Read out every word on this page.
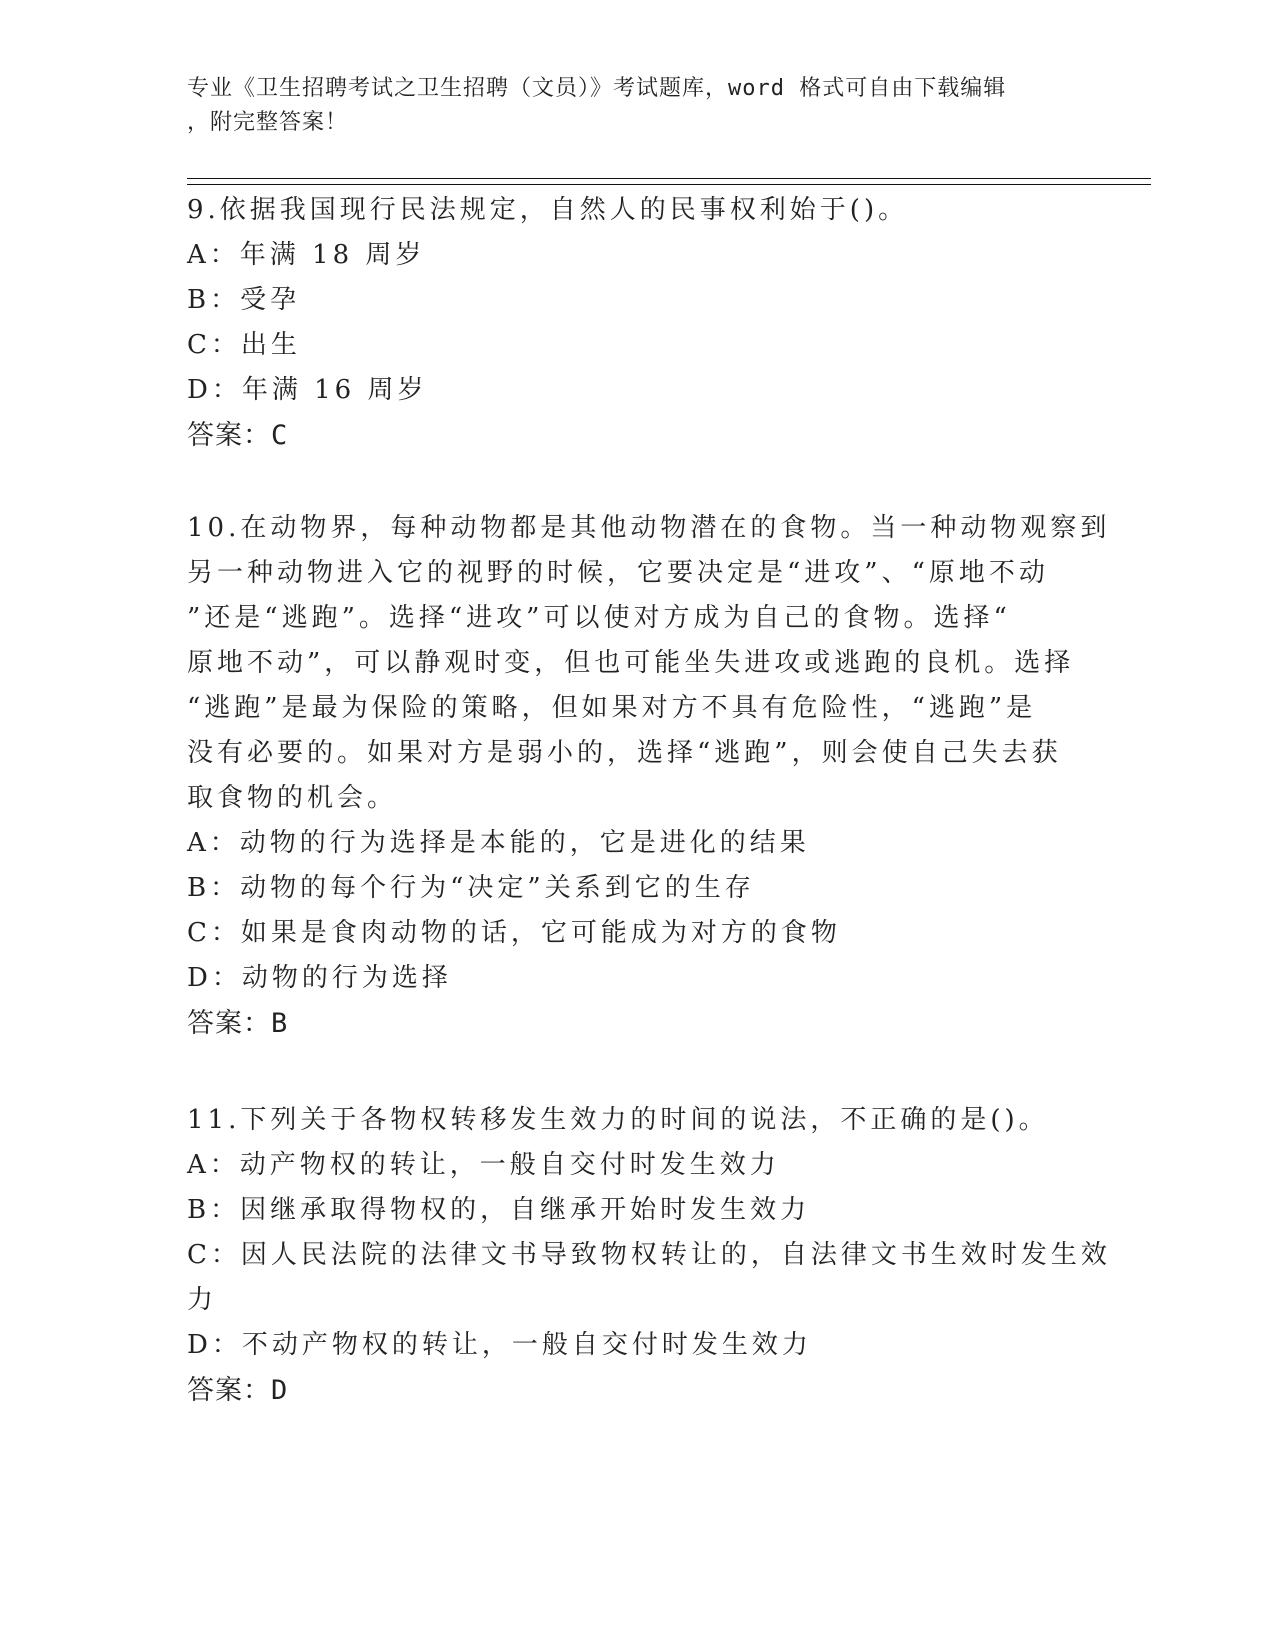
专业《卫生招聘考试之卫生招聘（文员）》考试题库，word 格式可自由下载编辑
，附完整答案！
9.依据我国现行民法规定，自然人的民事权利始于()。
A：年满 18 周岁
B：受孕
C：出生
D：年满 16 周岁
答案：C
10.在动物界，每种动物都是其他动物潜在的食物。当一种动物观察到
另一种动物进入它的视野的时候，它要决定是“进攻”、“原地不动
”还是“逃跑”。选择“进攻”可以使对方成为自己的食物。选择“
原地不动”，可以静观时变，但也可能坐失进攻或逃跑的良机。选择
“逃跑”是最为保险的策略，但如果对方不具有危险性，“逃跑”是
没有必要的。如果对方是弱小的，选择“逃跑”，则会使自己失去获
取食物的机会。
A：动物的行为选择是本能的，它是进化的结果
B：动物的每个行为“决定”关系到它的生存
C：如果是食肉动物的话，它可能成为对方的食物
D：动物的行为选择
答案：B
11.下列关于各物权转移发生效力的时间的说法，不正确的是()。
A：动产物权的转让，一般自交付时发生效力
B：因继承取得物权的，自继承开始时发生效力
C：因人民法院的法律文书导致物权转让的，自法律文书生效时发生效
力
D：不动产物权的转让，一般自交付时发生效力
答案：D
